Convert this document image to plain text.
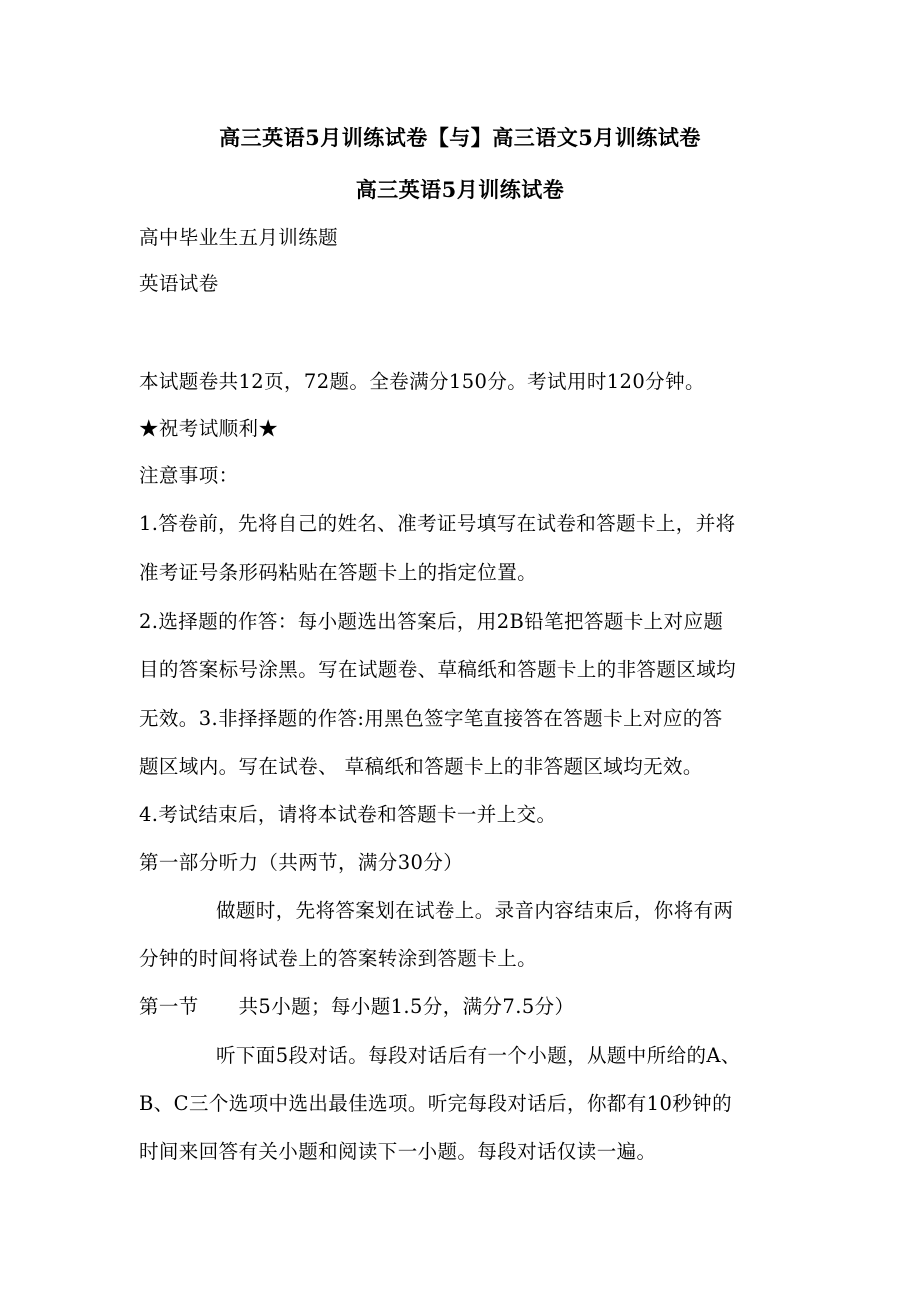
高三英语5月训练试卷【与】高三语文5月训练试卷
高三英语5月训练试卷
高中毕业生五月训练题
英语试卷
本试题卷共12页，72题。全卷满分150分。考试用时120分钟。
★祝考试顺利★
注意事项：
1.答卷前，先将自己的姓名、准考证号填写在试卷和答题卡上，并将
准考证号条形码粘贴在答题卡上的指定位置。
2.选择题的作答：每小题选出答案后，用2B铅笔把答题卡上对应题
目的答案标号涂黑。写在试题卷、草稿纸和答题卡上的非答题区域均
无效。3.非择择题的作答:用黑色签字笔直接答在答题卡上对应的答
题区域内。写在试卷、 草稿纸和答题卡上的非答题区域均无效。
4.考试结束后，请将本试卷和答题卡一并上交。
第一部分听力（共两节，满分30分）
做题时，先将答案划在试卷上。录音内容结束后，你将有两
分钟的时间将试卷上的答案转涂到答题卡上。
第一节　　共5小题；每小题1.5分，满分7.5分）
听下面5段对话。每段对话后有一个小题，从题中所给的A、
B、C三个选项中选出最佳选项。听完每段对话后，你都有10秒钟的
时间来回答有关小题和阅读下一小题。每段对话仅读一遍。
